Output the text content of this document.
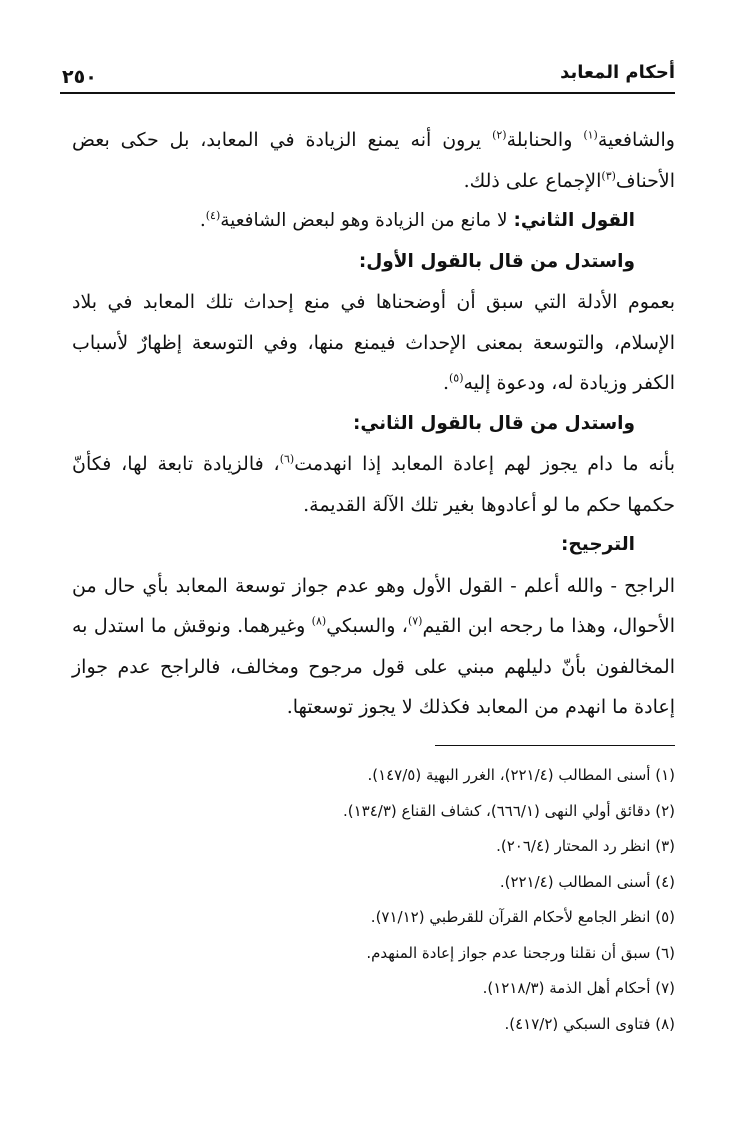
أحكام المعابد
٢٥٠

والشافعية$^{(١)}$ والحنابلة$^{(٢)}$ يرون أنه يمنع الزيادة في المعابد، بل حكى بعض الأحناف$^{(٣)}$الإجماع على ذلك.

القول الثاني: لا مانع من الزيادة وهو لبعض الشافعية$^{(٤)}$.

واستدل من قال بالقول الأول:

بعموم الأدلة التي سبق أن أوضحناها في منع إحداث تلك المعابد في بلاد الإسلام، والتوسعة بمعنى الإحداث فيمنع منها، وفي التوسعة إظهارٌ لأسباب الكفر وزيادة له، ودعوة إليه$^{(٥)}$.

واستدل من قال بالقول الثاني:

بأنه ما دام يجوز لهم إعادة المعابد إذا انهدمت$^{(٦)}$، فالزيادة تابعة لها، فكأنّ حكمها حكم ما لو أعادوها بغير تلك الآلة القديمة.

الترجيح:

الراجح - والله أعلم - القول الأول وهو عدم جواز توسعة المعابد بأي حال من الأحوال، وهذا ما رجحه ابن القيم$^{(٧)}$، والسبكي$^{(٨)}$ وغيرهما. ونوقش ما استدل به المخالفون بأنّ دليلهم مبني على قول مرجوح ومخالف، فالراجح عدم جواز إعادة ما انهدم من المعابد فكذلك لا يجوز توسعتها.

(١) أسنى المطالب (٢٢١/٤)، الغرر البهية (١٤٧/٥).
(٢) دقائق أولي النهى (٦٦٦/١)، كشاف القناع (١٣٤/٣).
(٣) انظر رد المحتار (٢٠٦/٤).
(٤) أسنى المطالب (٢٢١/٤).
(٥) انظر الجامع لأحكام القرآن للقرطبي (٧١/١٢).
(٦) سبق أن نقلنا ورجحنا عدم جواز إعادة المنهدم.
(٧) أحكام أهل الذمة (١٢١٨/٣).
(٨) فتاوى السبكي (٤١٧/٢).
